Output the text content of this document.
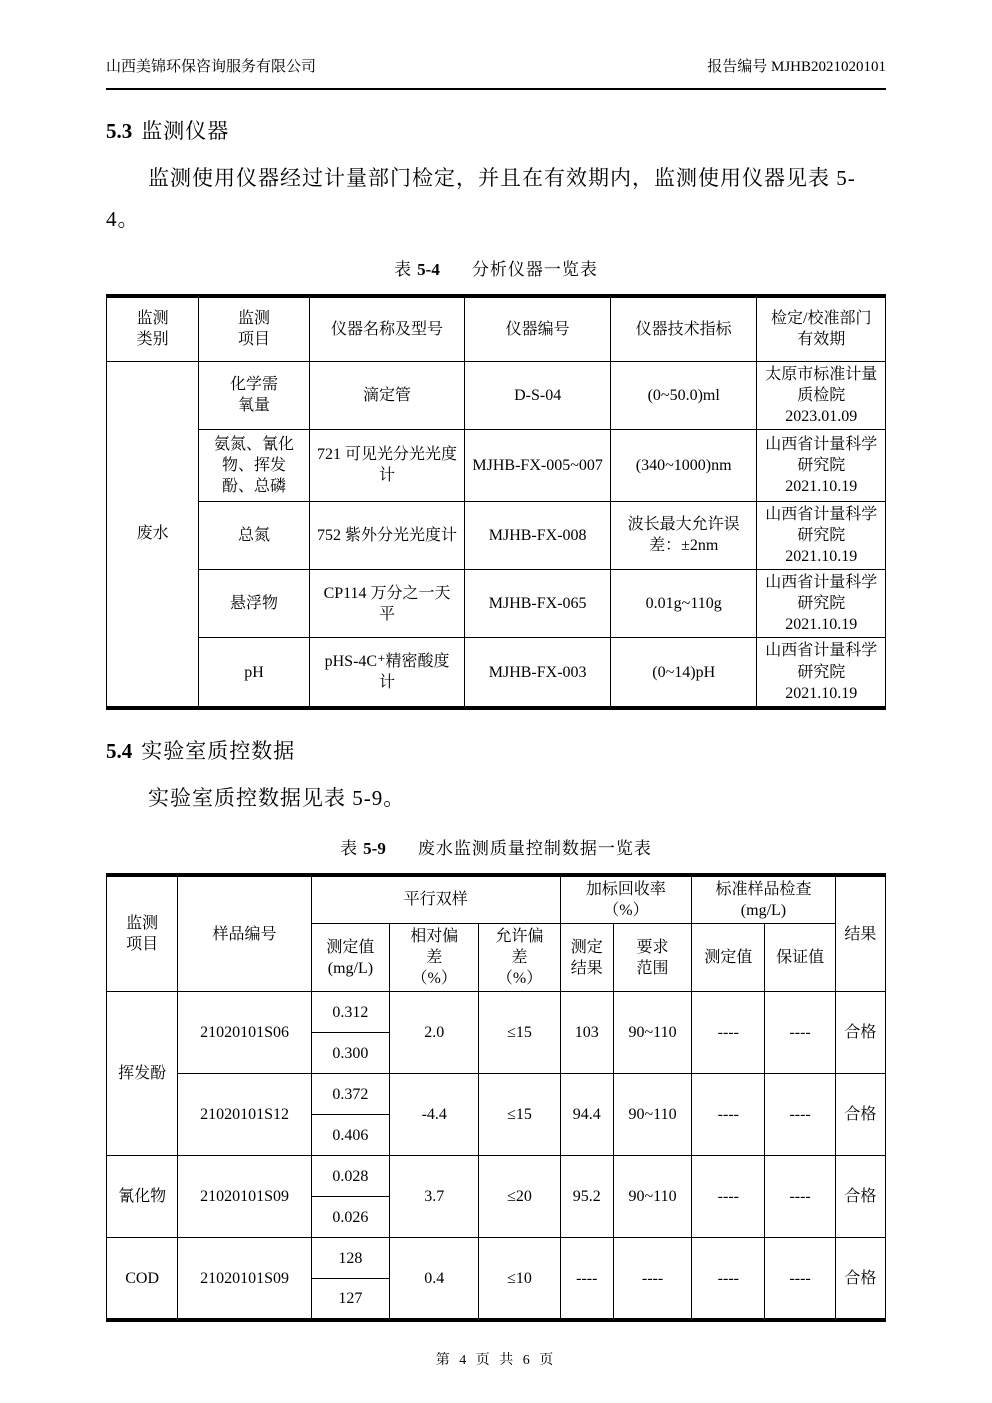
山西美锦环保咨询服务有限公司	报告编号 MJHB2021020101
5.3 监测仪器

监测使用仪器经过计量部门检定，并且在有效期内，监测使用仪器见表 5-4。

表 5-4 分析仪器一览表
监测类别	监测项目	仪器名称及型号	仪器编号	仪器技术指标	检定/校准部门有效期
废水	化学需氧量	滴定管	D-S-04	(0~50.0)ml	太原市标准计量质检院
2023.01.09

	氨氮、氰化物、挥发酚、总磷	721 可见光分光光度计	MJHB-FX-005~007	(340~1000)nm	山西省计量科学研究院
2021.10.19

	总氮	752 紫外分光光度计	MJHB-FX-008	波长最大允许误差：±2nm	山西省计量科学研究院
2021.10.19

	悬浮物	CP114 万分之一天平	MJHB-FX-065	0.01g~110g	山西省计量科学研究院
2021.10.19

	pH	pHS-4C⁺精密酸度计	MJHB-FX-003	(0~14)pH	山西省计量科学研究院
2021.10.19
5.4 实验室质控数据

实验室质控数据见表 5-9。

表 5-9 废水监测质量控制数据一览表
监测项目	样品编号	平行双样			加标回收率（%）		标准样品检查(mg/L)		结果
		测定值(mg/L)	相对偏差（%）	允许偏差（%）	测定结果	要求范围	测定值	保证值	
挥发酚	21020101S06	0.312	2.0	≤15	103	90~110	----	----	合格
		0.300							
	21020101S12	0.372	-4.4	≤15	94.4	90~110	----	----	合格
		0.406							
氰化物	21020101S09	0.028	3.7	≤20	95.2	90~110	----	----	合格
		0.026							
COD	21020101S09	128	0.4	≤10	----	----	----	----	合格
		127							
第 4 页 共 6 页
